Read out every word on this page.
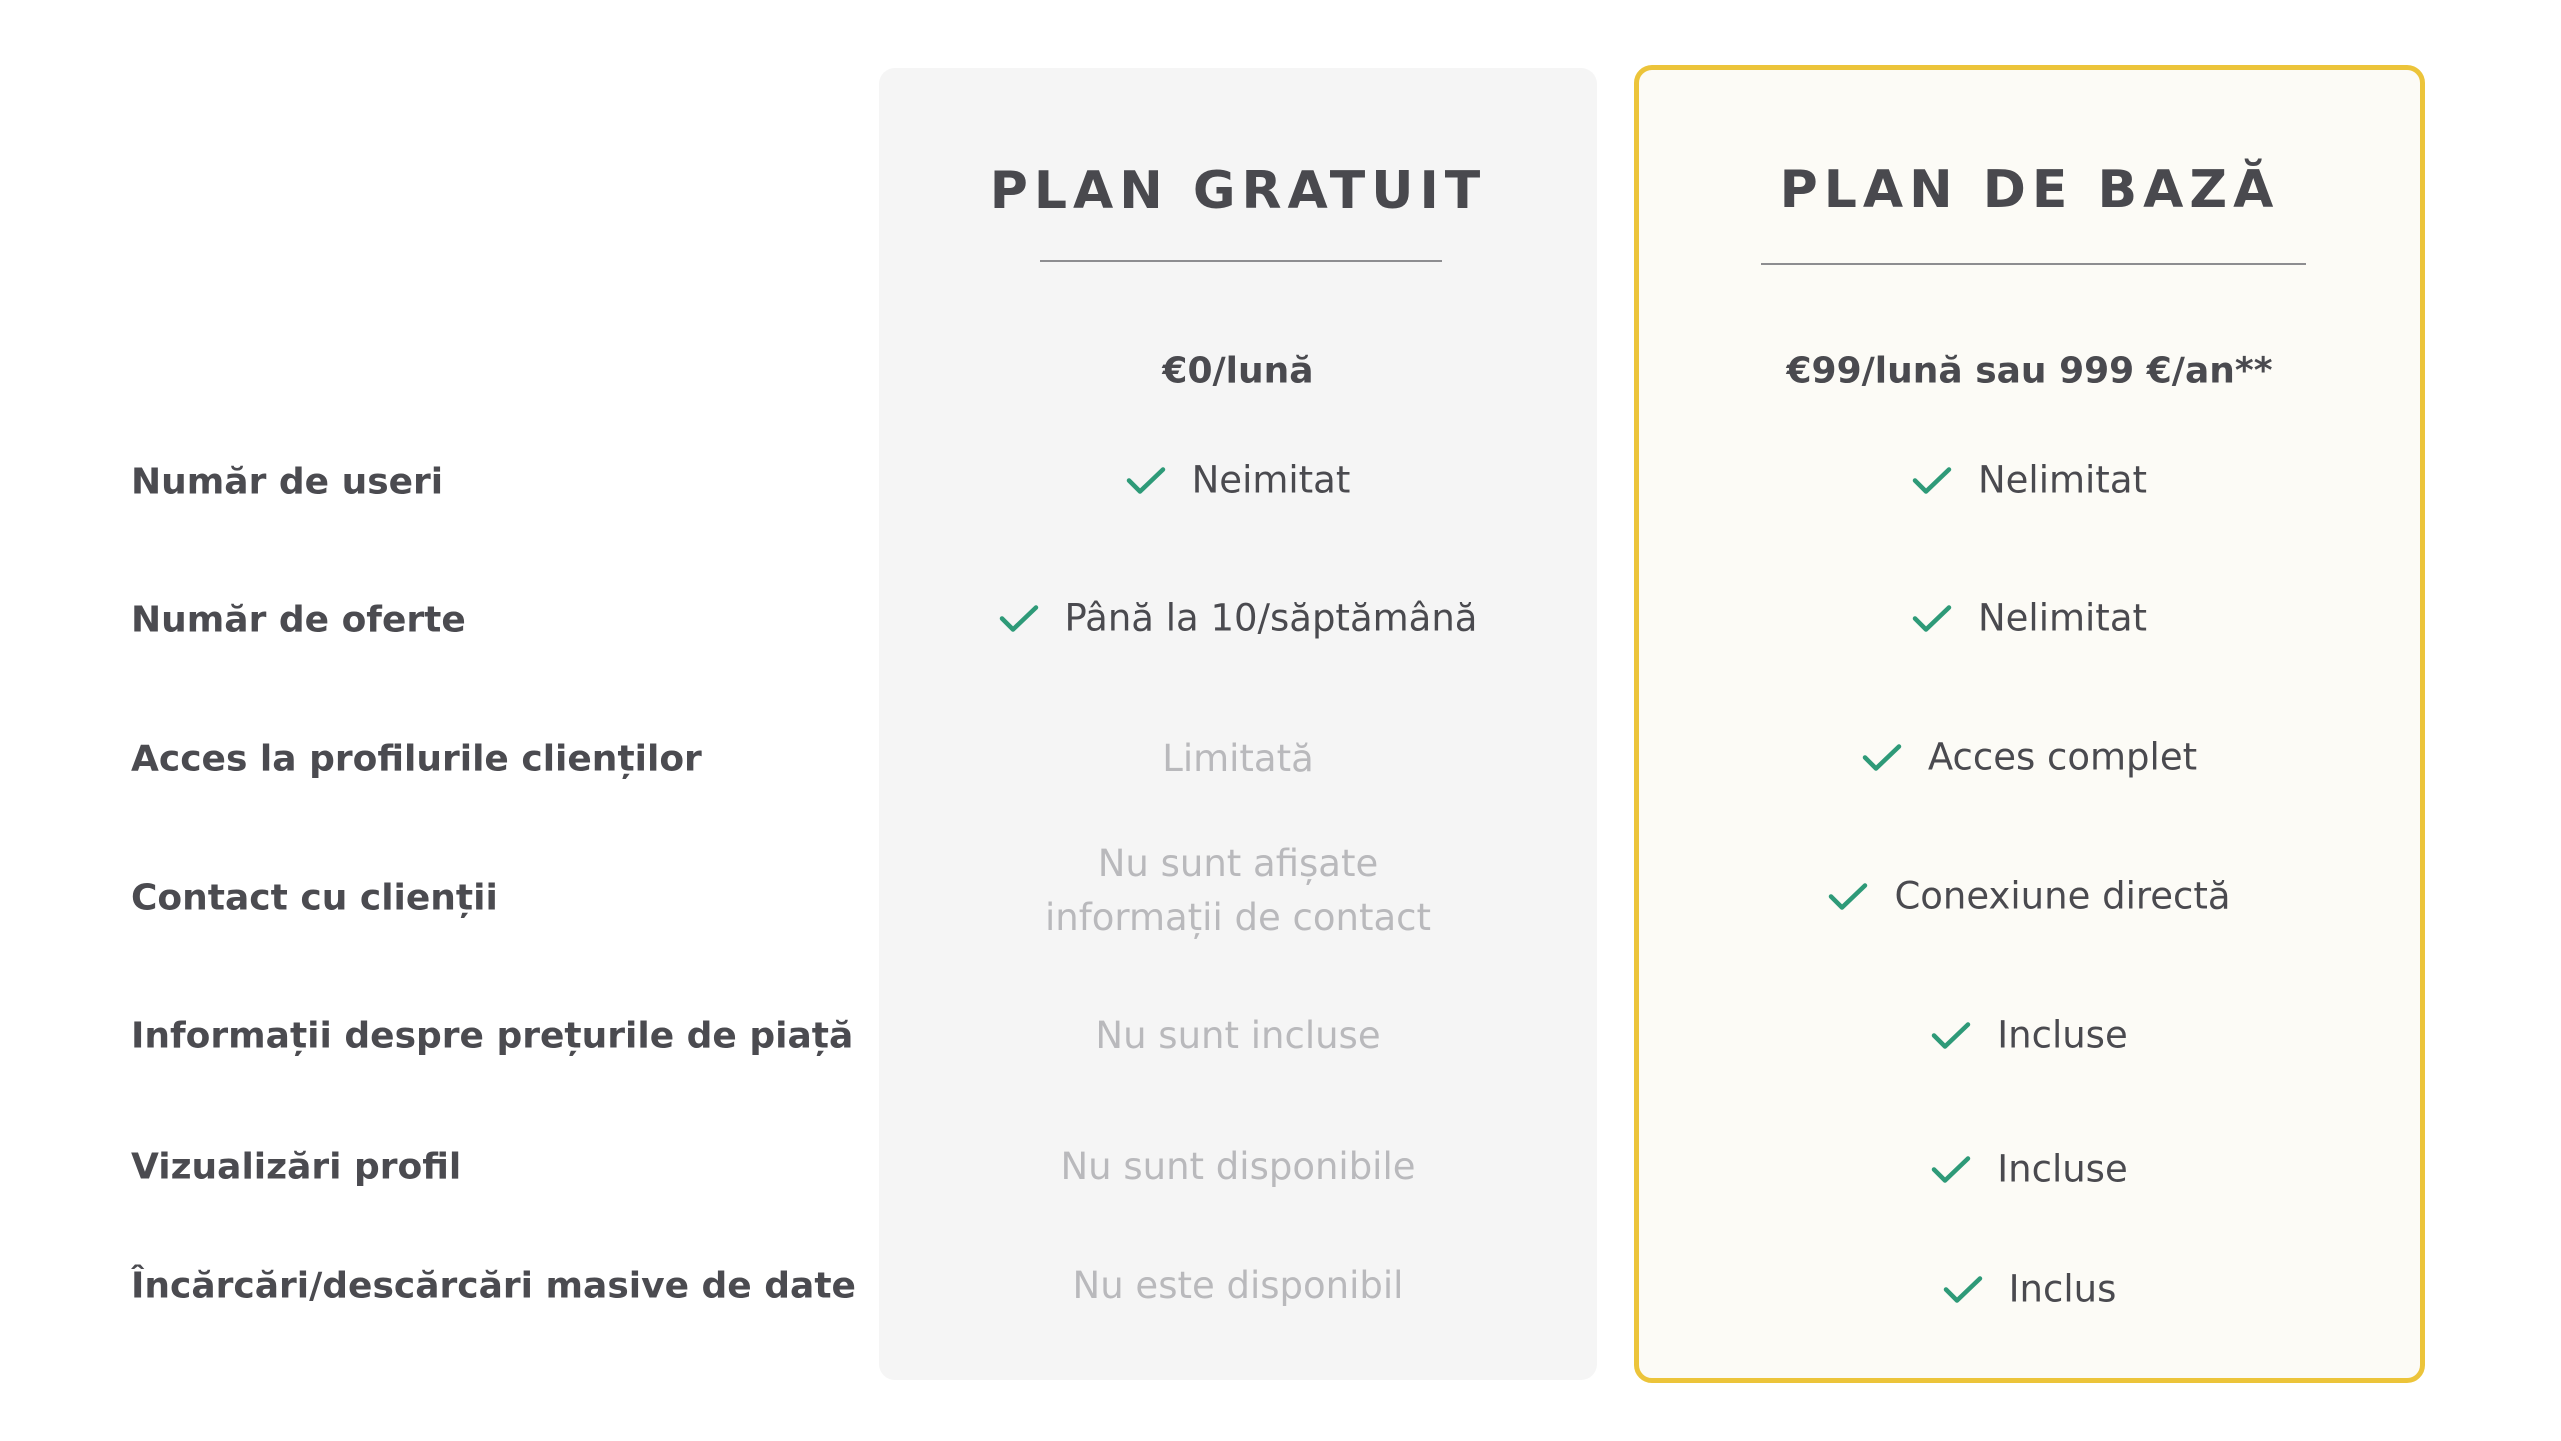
Număr de useri
Număr de oferte
Acces la profilurile clienților
Contact cu clienții
Informații despre prețurile de piață
Vizualizări profil
Încărcări/descărcări masive de date
PLAN GRATUIT
€0/lună
Neimitat
Până la 10/săptămână
Limitată
Nu sunt afișate
informații de contact
Nu sunt incluse
Nu sunt disponibile
Nu este disponibil
PLAN DE BAZĂ
€99/lună sau 999 €/an**
Nelimitat
Nelimitat
Acces complet
Conexiune directă
Incluse
Incluse
Inclus
